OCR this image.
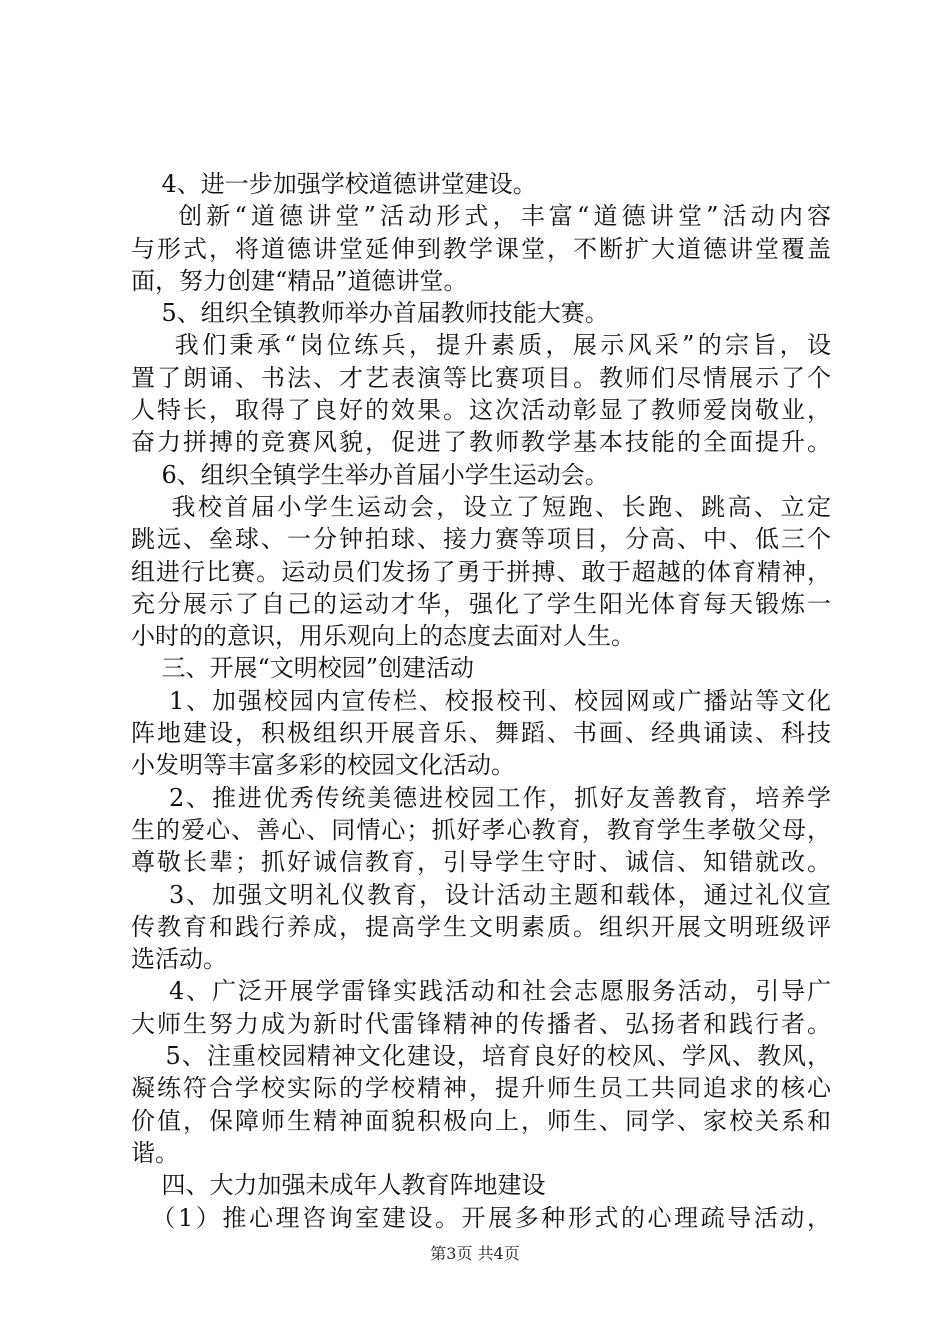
4、进一步加强学校道德讲堂建设。
创新“道德讲堂”活动形式，丰富“道德讲堂”活动内容
与形式，将道德讲堂延伸到教学课堂，不断扩大道德讲堂覆盖
面，努力创建“精品”道德讲堂。
5、组织全镇教师举办首届教师技能大赛。
我们秉承“岗位练兵，提升素质，展示风采”的宗旨，设
置了朗诵、书法、才艺表演等比赛项目。教师们尽情展示了个
人特长，取得了良好的效果。这次活动彰显了教师爱岗敬业，
奋力拼搏的竞赛风貌，促进了教师教学基本技能的全面提升。
6、组织全镇学生举办首届小学生运动会。
我校首届小学生运动会，设立了短跑、长跑、跳高、立定
跳远、垒球、一分钟拍球、接力赛等项目，分高、中、低三个
组进行比赛。运动员们发扬了勇于拼搏、敢于超越的体育精神，
充分展示了自己的运动才华，强化了学生阳光体育每天锻炼一
小时的的意识，用乐观向上的态度去面对人生。
三、开展“文明校园”创建活动
1、加强校园内宣传栏、校报校刊、校园网或广播站等文化
阵地建设，积极组织开展音乐、舞蹈、书画、经典诵读、科技
小发明等丰富多彩的校园文化活动。
2、推进优秀传统美德进校园工作，抓好友善教育，培养学
生的爱心、善心、同情心；抓好孝心教育，教育学生孝敬父母，
尊敬长辈；抓好诚信教育，引导学生守时、诚信、知错就改。
3、加强文明礼仪教育，设计活动主题和载体，通过礼仪宣
传教育和践行养成，提高学生文明素质。组织开展文明班级评
选活动。
4、广泛开展学雷锋实践活动和社会志愿服务活动，引导广
大师生努力成为新时代雷锋精神的传播者、弘扬者和践行者。
5、注重校园精神文化建设，培育良好的校风、学风、教风，
凝练符合学校实际的学校精神，提升师生员工共同追求的核心
价值，保障师生精神面貌积极向上，师生、同学、家校关系和
谐。
四、大力加强未成年人教育阵地建设
（1）推心理咨询室建设。开展多种形式的心理疏导活动，
第3页 共4页
